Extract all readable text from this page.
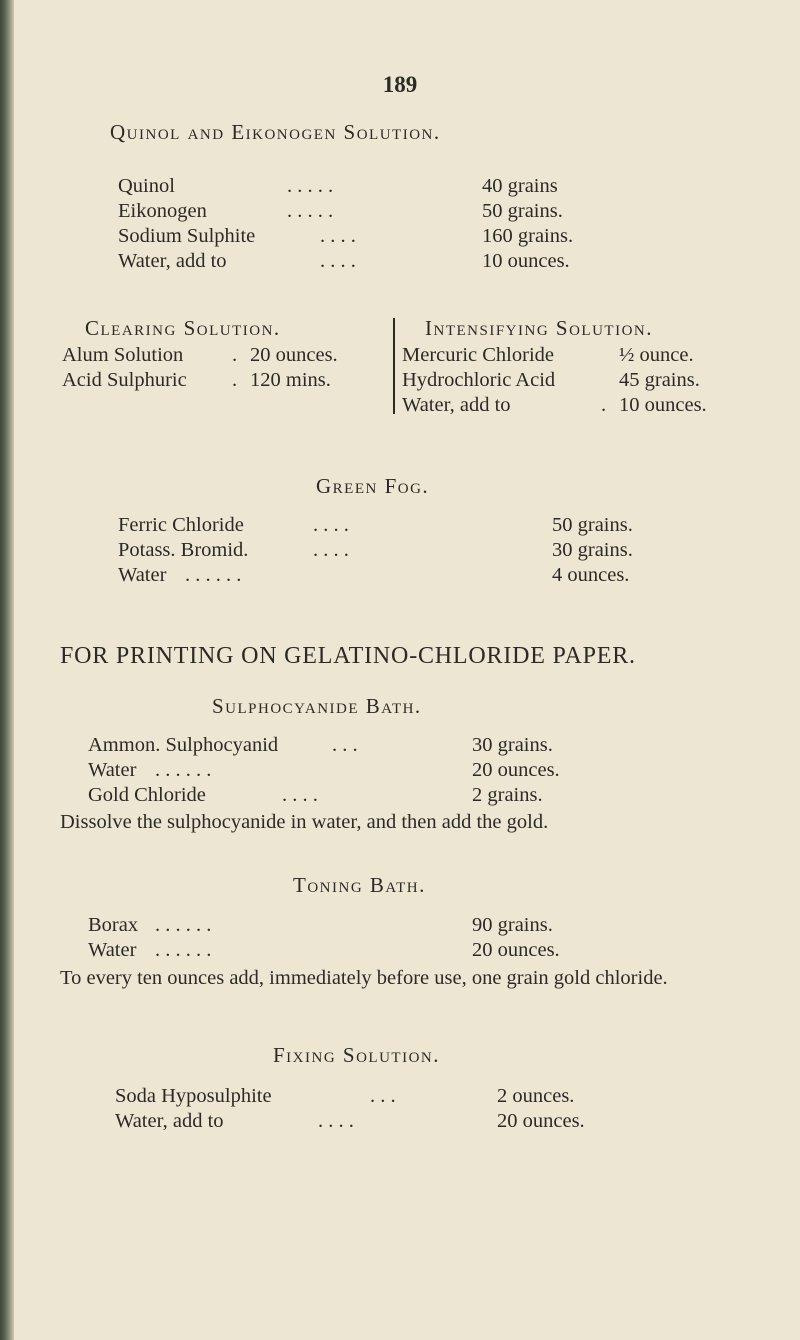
189
Quinol and Eikonogen Solution.
Quinol	. . . . .	40 grains
Eikonogen	. . . . .	50 grains.
Sodium Sulphite	. . . .	160 grains.
Water, add to	. . . .	10 ounces.
Clearing Solution.
Alum Solution . 20 ounces.
Acid Sulphuric . 120 mins.
Intensifying Solution.
Mercuric Chloride	½ ounce.
Hydrochloric Acid	45 grains.
Water, add to	. 10 ounces.
Green Fog.
Ferric Chloride	. . . .	50 grains.
Potass. Bromid.	. . . .	30 grains.
Water . . . . . .	4 ounces.
FOR PRINTING ON GELATINO-CHLORIDE PAPER.
Sulphocyanide Bath.
Ammon. Sulphocyanid	. . .	30 grains.
Water . . . . . .	20 ounces.
Gold Chloride	. . . .	2 grains.
Dissolve the sulphocyanide in water, and then add the gold.
Toning Bath.
Borax . . . . . .	90 grains.
Water . . . . . .	20 ounces.
To every ten ounces add, immediately before use, one grain gold chloride.
Fixing Solution.
Soda Hyposulphite	. . .	2 ounces.
Water, add to	. . . .	20 ounces.
